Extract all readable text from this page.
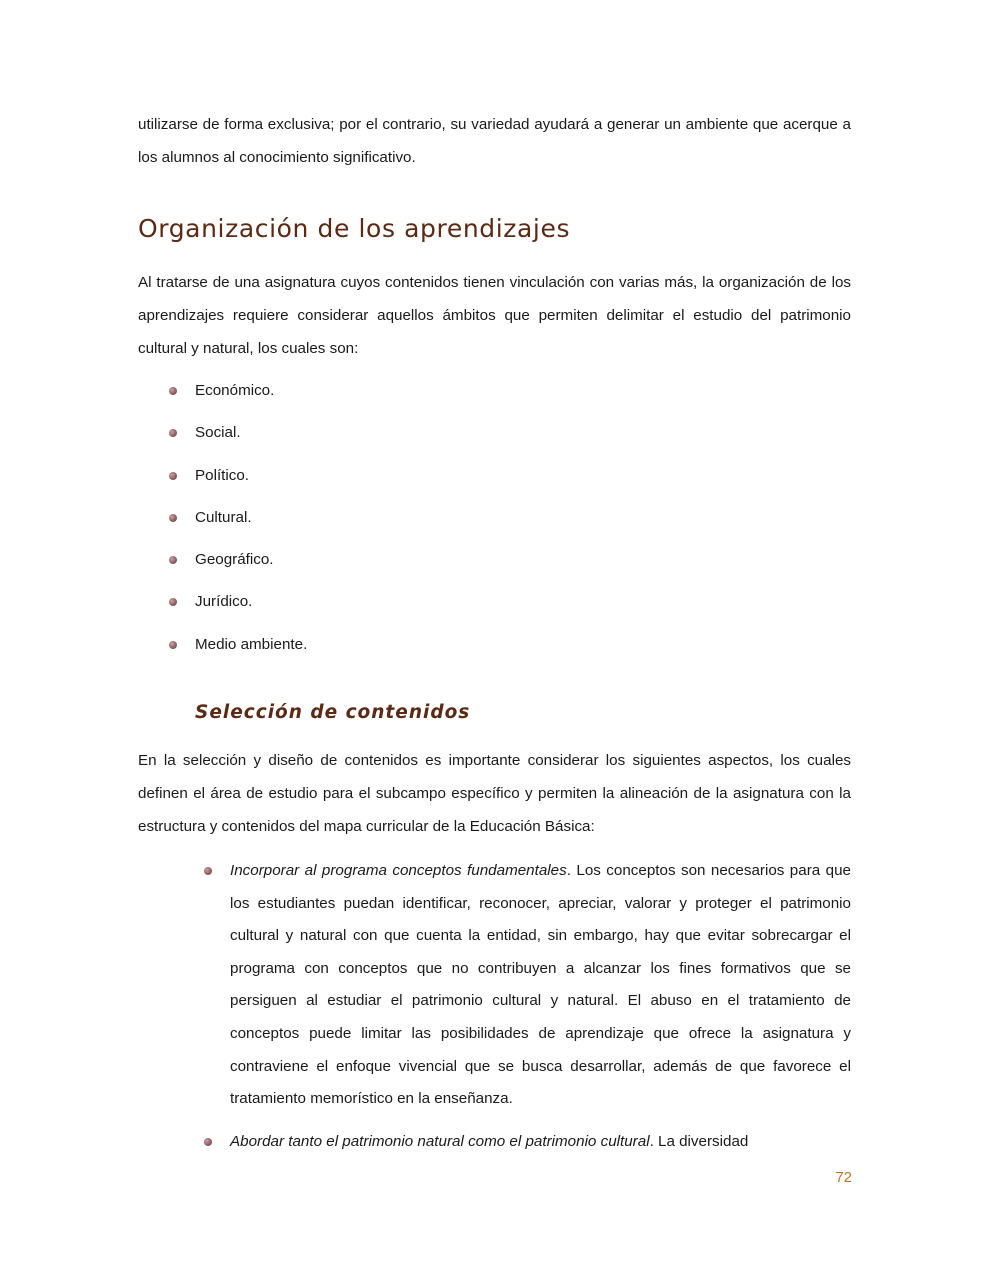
utilizarse de forma exclusiva; por el contrario, su variedad ayudará a generar un ambiente que acerque a los alumnos al conocimiento significativo.

Organización de los aprendizajes

Al tratarse de una asignatura cuyos contenidos tienen vinculación con varias más, la organización de los aprendizajes requiere considerar aquellos ámbitos que permiten delimitar el estudio del patrimonio cultural y natural, los cuales son:

Económico.
Social.
Político.
Cultural.
Geográfico.
Jurídico.
Medio ambiente.
Selección de contenidos

En la selección y diseño de contenidos es importante considerar los siguientes aspectos, los cuales definen el área de estudio para el subcampo específico y permiten la alineación de la asignatura con la estructura y contenidos del mapa curricular de la Educación Básica:

Incorporar al programa conceptos fundamentales. Los conceptos son necesarios para que los estudiantes puedan identificar, reconocer, apreciar, valorar y proteger el patrimonio cultural y natural con que cuenta la entidad, sin embargo, hay que evitar sobrecargar el programa con conceptos que no contribuyen a alcanzar los fines formativos que se persiguen al estudiar el patrimonio cultural y natural. El abuso en el tratamiento de conceptos puede limitar las posibilidades de aprendizaje que ofrece la asignatura y contraviene el enfoque vivencial que se busca desarrollar, además de que favorece el tratamiento memorístico en la enseñanza.
Abordar tanto el patrimonio natural como el patrimonio cultural. La diversidad
72
